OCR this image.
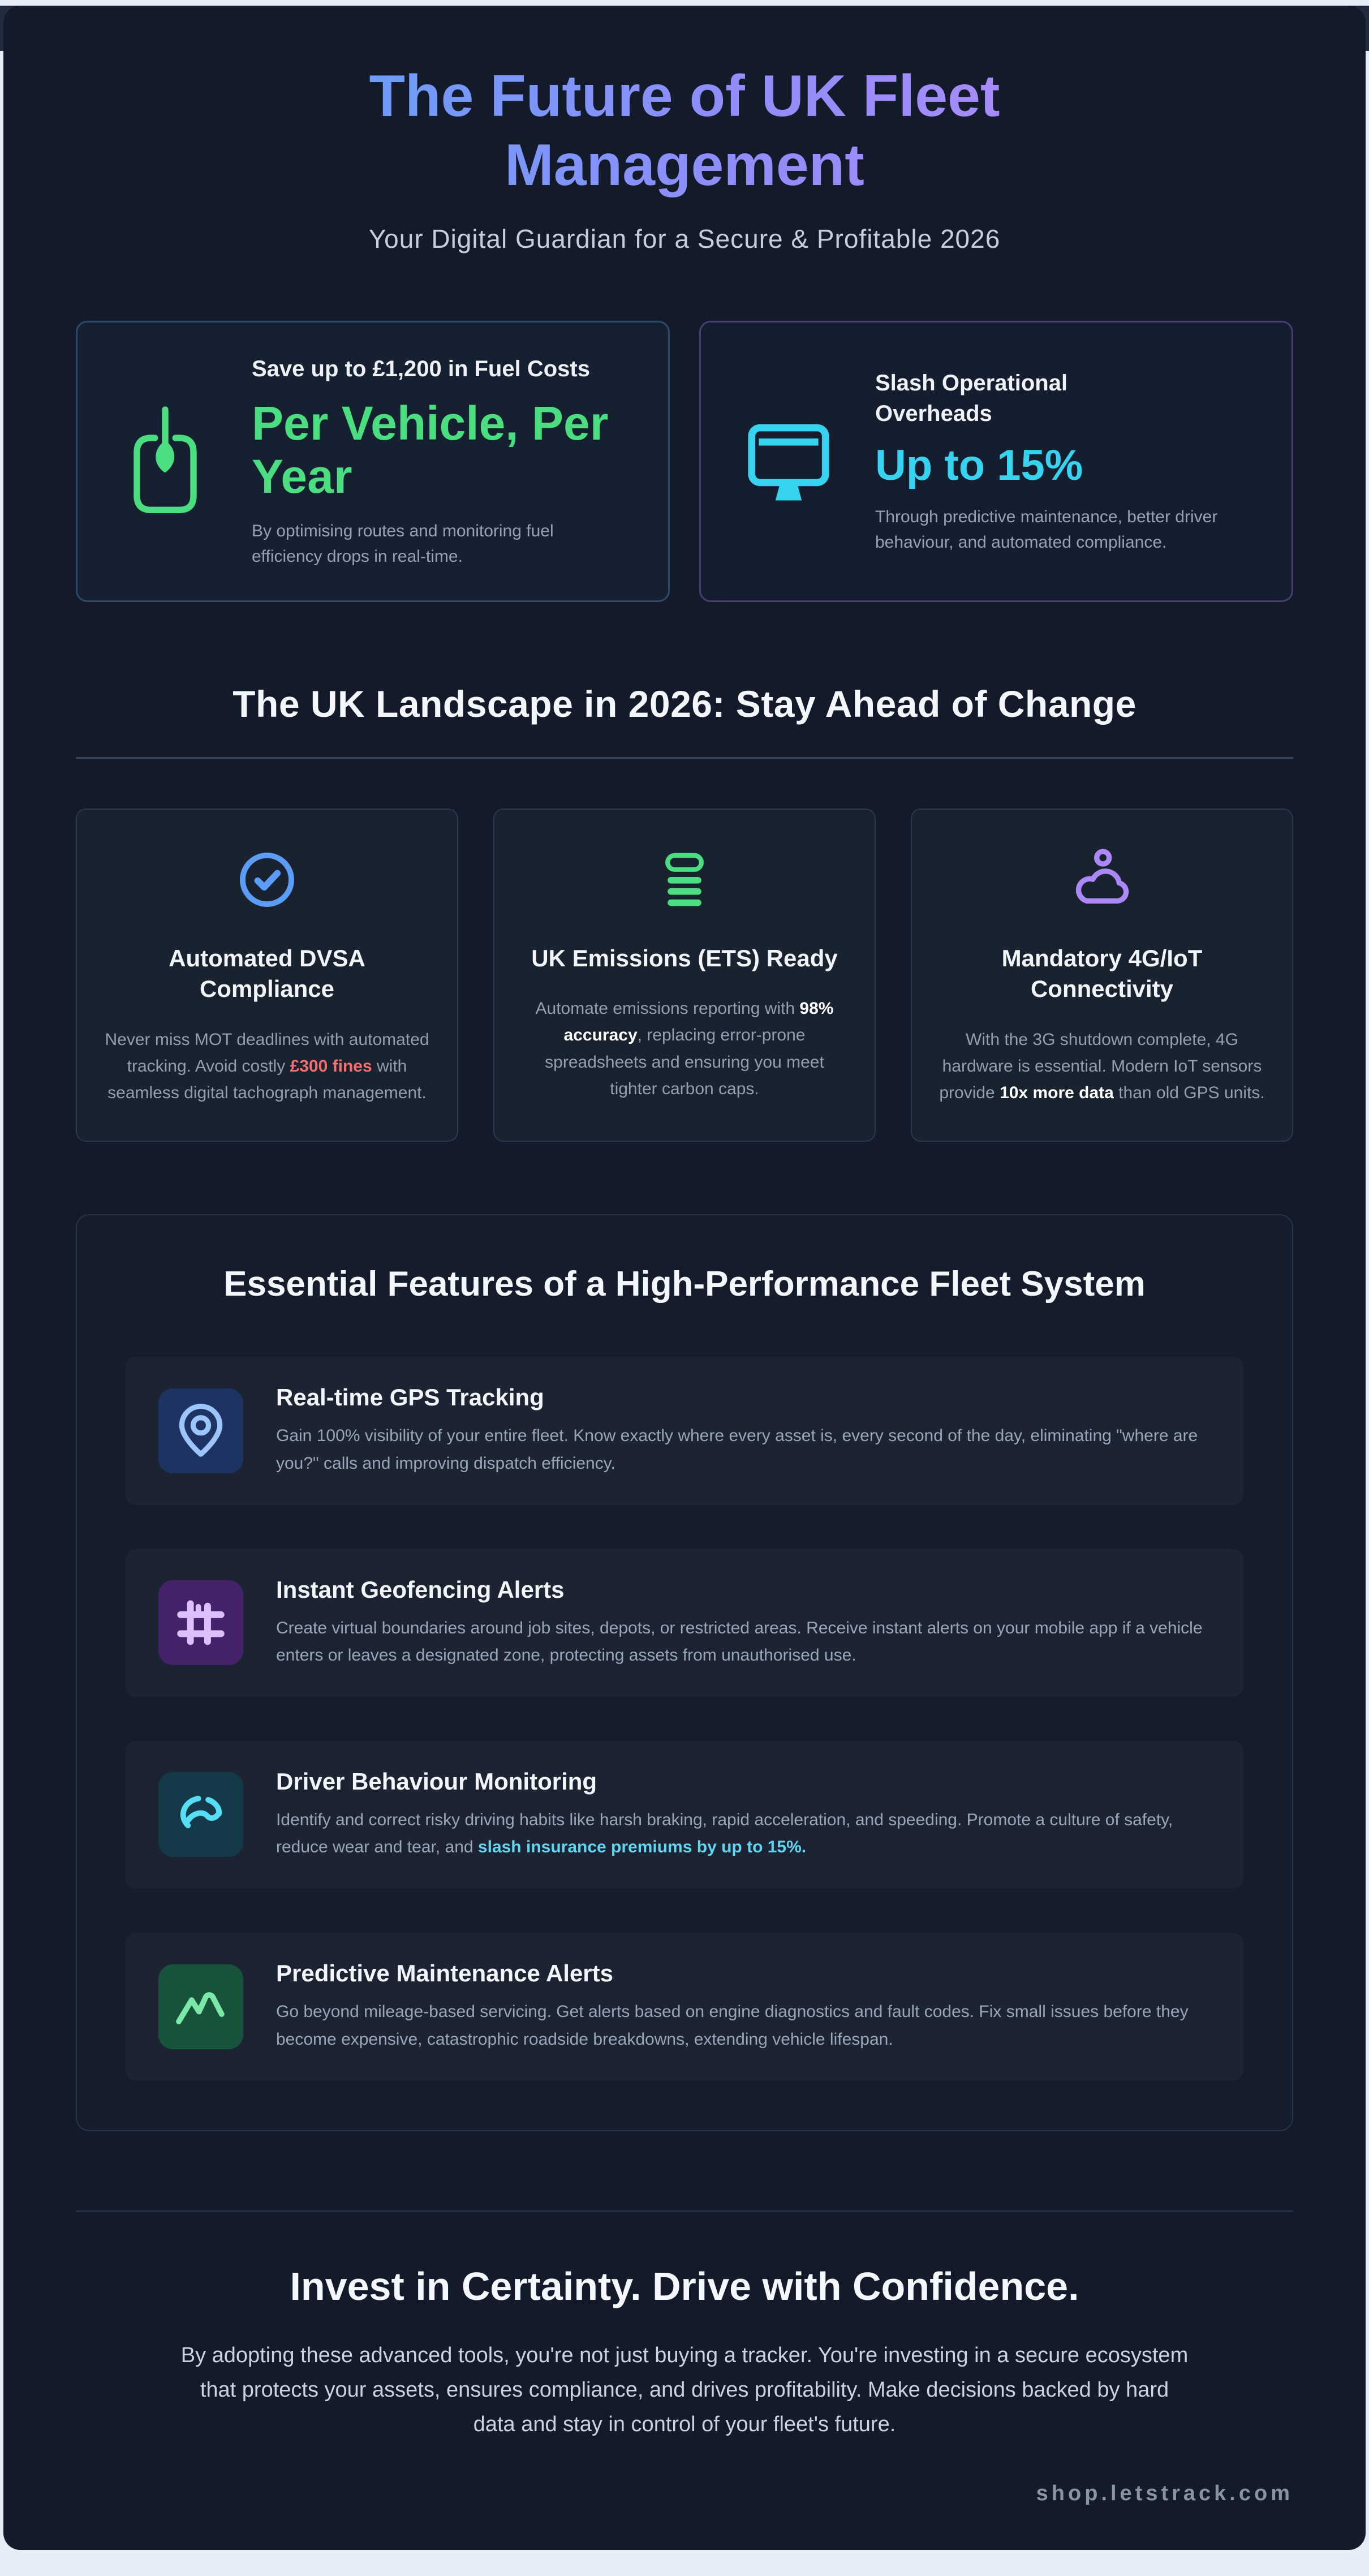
The Future of UK Fleet Management
Your Digital Guardian for a Secure & Profitable 2026
Save up to £1,200 in Fuel Costs
Per Vehicle, Per Year
By optimising routes and monitoring fuel efficiency drops in real-time.
Slash Operational Overheads
Up to 15%
Through predictive maintenance, better driver behaviour, and automated compliance.
The UK Landscape in 2026: Stay Ahead of Change
Automated DVSA Compliance
Never miss MOT deadlines with automated tracking. Avoid costly £300 fines with seamless digital tachograph management.
UK Emissions (ETS) Ready
Automate emissions reporting with 98% accuracy, replacing error-prone spreadsheets and ensuring you meet tighter carbon caps.
Mandatory 4G/IoT Connectivity
With the 3G shutdown complete, 4G hardware is essential. Modern IoT sensors provide 10x more data than old GPS units.
Essential Features of a High-Performance Fleet System
Real-time GPS Tracking
Gain 100% visibility of your entire fleet. Know exactly where every asset is, every second of the day, eliminating "where are you?" calls and improving dispatch efficiency.
Instant Geofencing Alerts
Create virtual boundaries around job sites, depots, or restricted areas. Receive instant alerts on your mobile app if a vehicle enters or leaves a designated zone, protecting assets from unauthorised use.
Driver Behaviour Monitoring
Identify and correct risky driving habits like harsh braking, rapid acceleration, and speeding. Promote a culture of safety, reduce wear and tear, and slash insurance premiums by up to 15%.
Predictive Maintenance Alerts
Go beyond mileage-based servicing. Get alerts based on engine diagnostics and fault codes. Fix small issues before they become expensive, catastrophic roadside breakdowns, extending vehicle lifespan.
Invest in Certainty. Drive with Confidence.

By adopting these advanced tools, you're not just buying a tracker. You're investing in a secure ecosystem that protects your assets, ensures compliance, and drives profitability. Make decisions backed by hard data and stay in control of your fleet's future.

shop.letstrack.com
